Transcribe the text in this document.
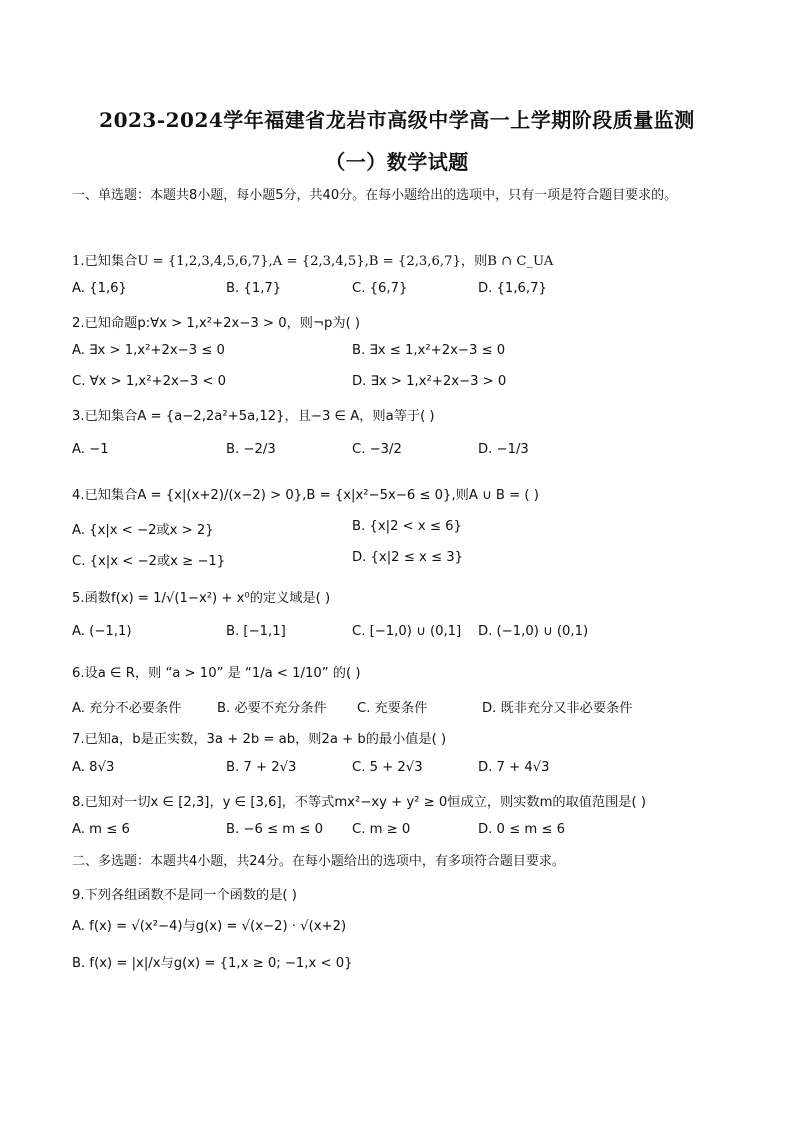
2023-2024学年福建省龙岩市高级中学高一上学期阶段质量监测
（一）数学试题
一、单选题：本题共8小题，每小题5分，共40分。在每小题给出的选项中，只有一项是符合题目要求的。
1.已知集合U = {1,2,3,4,5,6,7},A = {2,3,4,5},B = {2,3,6,7}，则B ∩ C_UA
A. {1,6}	B. {1,7}	C. {6,7}	D. {1,6,7}
2.已知命题p:∀x > 1,x²+2x−3 > 0，则¬p为( )
A. ∃x > 1,x²+2x−3 ≤ 0	B. ∃x ≤ 1,x²+2x−3 ≤ 0
C. ∀x > 1,x²+2x−3 < 0	D. ∃x > 1,x²+2x−3 > 0
3.已知集合A = {a−2,2a²+5a,12}，且−3 ∈ A，则a等于( )
A. −1	B. −2/3	C. −3/2	D. −1/3
4.已知集合A = {x|(x+2)/(x−2) > 0},B = {x|x²−5x−6 ≤ 0},则A ∪ B = ( )
A. {x|x < −2或x > 2}	B. {x|2 < x ≤ 6}
C. {x|x < −2或x ≥ −1}	D. {x|2 ≤ x ≤ 3}
5.函数f(x) = 1/√(1−x²) + x⁰的定义域是( )
A. (−1,1)	B. [−1,1]	C. [−1,0) ∪ (0,1] D. (−1,0) ∪ (0,1)
6.设a ∈ R，则 “a > 10” 是 “1/a < 1/10” 的( )
A. 充分不必要条件	B. 必要不充分条件 C. 充要条件	D. 既非充分又非必要条件
7.已知a，b是正实数，3a + 2b = ab，则2a + b的最小值是( )
A. 8√3	B. 7 + 2√3	C. 5 + 2√3	D. 7 + 4√3
8.已知对一切x ∈ [2,3]，y ∈ [3,6]，不等式mx²−xy + y² ≥ 0恒成立，则实数m的取值范围是( )
A. m ≤ 6	B. −6 ≤ m ≤ 0 C. m ≥ 0	D. 0 ≤ m ≤ 6
二、多选题：本题共4小题，共24分。在每小题给出的选项中，有多项符合题目要求。
9.下列各组函数不是同一个函数的是( )
A. f(x) = √(x²−4)与g(x) = √(x−2) · √(x+2)
B. f(x) = |x|/x与g(x) = {1,x ≥ 0; −1,x < 0}
